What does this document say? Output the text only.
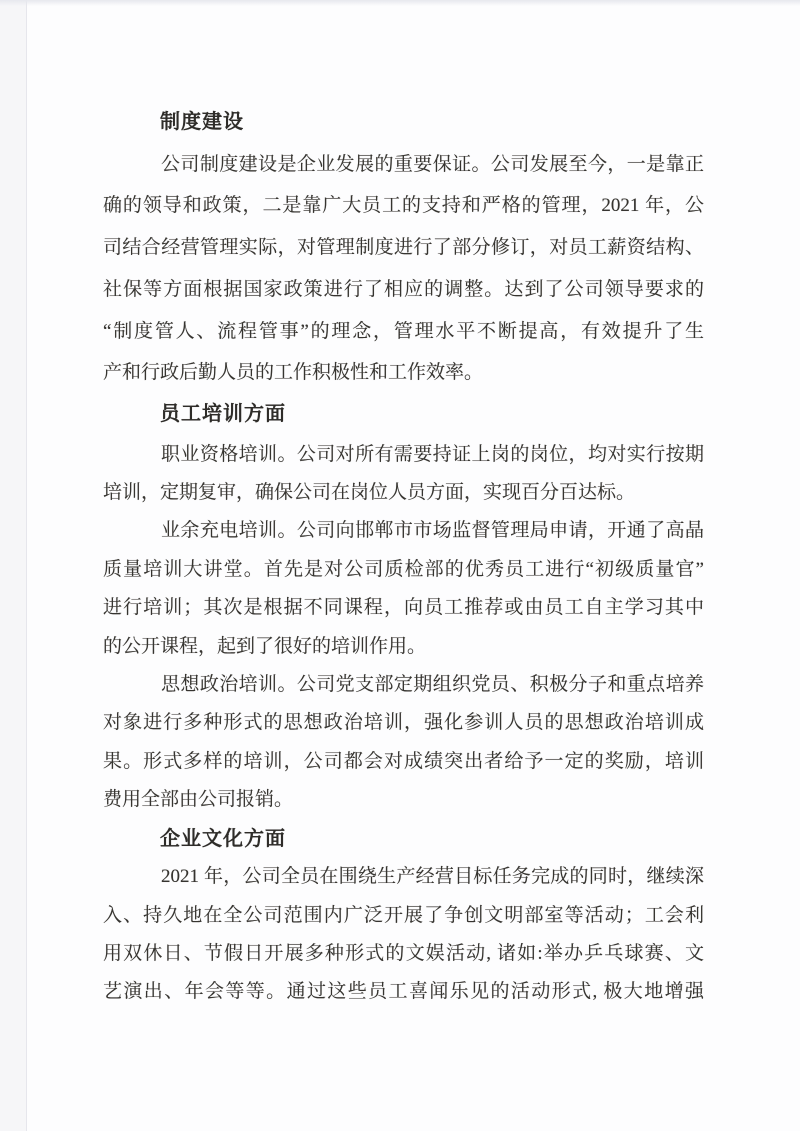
制度建设
公司制度建设是企业发展的重要保证。公司发展至今，一是靠正
确的领导和政策，二是靠广大员工的支持和严格的管理，2021 年，公
司结合经营管理实际，对管理制度进行了部分修订，对员工薪资结构、
社保等方面根据国家政策进行了相应的调整。达到了公司领导要求的
“制度管人、流程管事”的理念，管理水平不断提高，有效提升了生
产和行政后勤人员的工作积极性和工作效率。
员工培训方面
职业资格培训。公司对所有需要持证上岗的岗位，均对实行按期
培训，定期复审，确保公司在岗位人员方面，实现百分百达标。
业余充电培训。公司向邯郸市市场监督管理局申请，开通了高晶
质量培训大讲堂。首先是对公司质检部的优秀员工进行“初级质量官”
进行培训；其次是根据不同课程，向员工推荐或由员工自主学习其中
的公开课程，起到了很好的培训作用。
思想政治培训。公司党支部定期组织党员、积极分子和重点培养
对象进行多种形式的思想政治培训，强化参训人员的思想政治培训成
果。形式多样的培训，公司都会对成绩突出者给予一定的奖励，培训
费用全部由公司报销。
企业文化方面
2021 年，公司全员在围绕生产经营目标任务完成的同时，继续深
入、持久地在全公司范围内广泛开展了争创文明部室等活动；工会利
用双休日、节假日开展多种形式的文娱活动, 诸如:举办乒乓球赛、文
艺演出、年会等等。通过这些员工喜闻乐见的活动形式, 极大地增强
